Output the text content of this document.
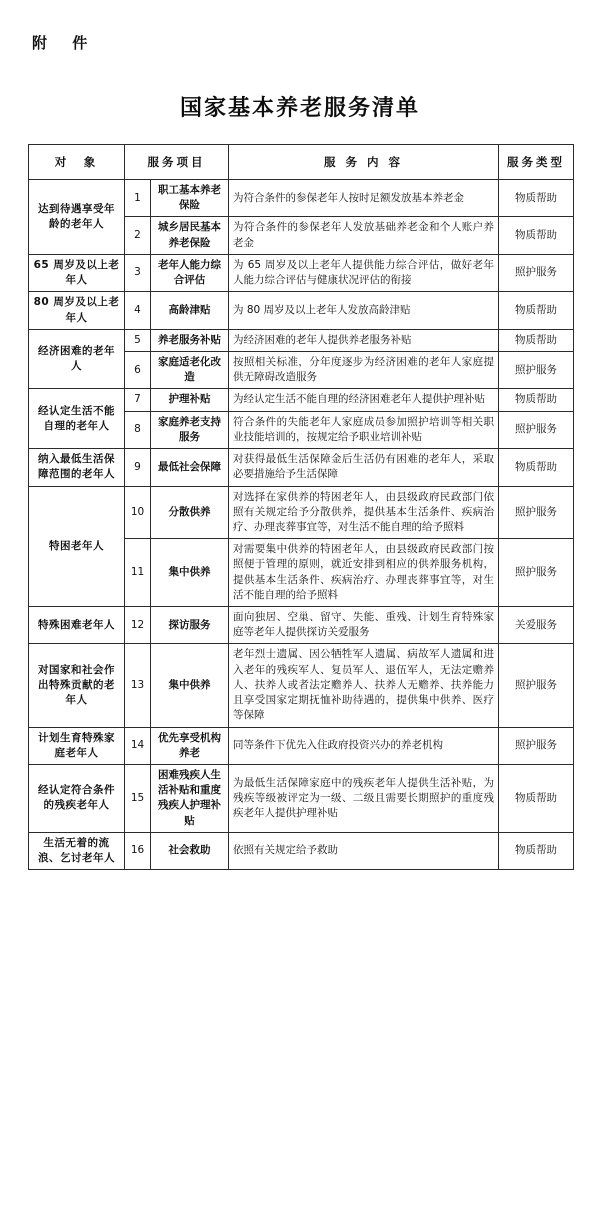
附 件
国家基本养老服务清单
对　象	服务项目		服 务 内 容	服务类型
达到待遇享受年龄的老年人	1	职工基本养老保险	为符合条件的参保老年人按时足额发放基本养老金	物质帮助
	2	城乡居民基本养老保险	为符合条件的参保老年人发放基础养老金和个人账户养老金	物质帮助
65 周岁及以上老年人	3	老年人能力综合评估	为 65 周岁及以上老年人提供能力综合评估，做好老年人能力综合评估与健康状况评估的衔接	照护服务
80 周岁及以上老年人	4	高龄津贴	为 80 周岁及以上老年人发放高龄津贴	物质帮助
经济困难的老年人	5	养老服务补贴	为经济困难的老年人提供养老服务补贴	物质帮助
	6	家庭适老化改造	按照相关标准，分年度逐步为经济困难的老年人家庭提供无障碍改造服务	照护服务
经认定生活不能自理的老年人	7	护理补贴	为经认定生活不能自理的经济困难老年人提供护理补贴	物质帮助
	8	家庭养老支持服务	符合条件的失能老年人家庭成员参加照护培训等相关职业技能培训的，按规定给予职业培训补贴	照护服务
纳入最低生活保障范围的老年人	9	最低社会保障	对获得最低生活保障金后生活仍有困难的老年人，采取必要措施给予生活保障	物质帮助
特困老年人	10	分散供养	对选择在家供养的特困老年人，由县级政府民政部门依照有关规定给予分散供养，提供基本生活条件、疾病治疗、办理丧葬事宜等，对生活不能自理的给予照料	照护服务
	11	集中供养	对需要集中供养的特困老年人，由县级政府民政部门按照便于管理的原则，就近安排到相应的供养服务机构，提供基本生活条件、疾病治疗、办理丧葬事宜等，对生活不能自理的给予照料	照护服务
特殊困难老年人	12	探访服务	面向独居、空巢、留守、失能、重残、计划生育特殊家庭等老年人提供探访关爱服务	关爱服务
对国家和社会作出特殊贡献的老年人	13	集中供养	老年烈士遗属、因公牺牲军人遗属、病故军人遗属和进入老年的残疾军人、复员军人、退伍军人，无法定赡养人、扶养人或者法定赡养人、扶养人无赡养、扶养能力且享受国家定期抚恤补助待遇的，提供集中供养、医疗等保障	照护服务
计划生育特殊家庭老年人	14	优先享受机构养老	同等条件下优先入住政府投资兴办的养老机构	照护服务
经认定符合条件的残疾老年人	15	困难残疾人生活补贴和重度残疾人护理补贴	为最低生活保障家庭中的残疾老年人提供生活补贴，为残疾等级被评定为一级、二级且需要长期照护的重度残疾老年人提供护理补贴	物质帮助
生活无着的流浪、乞讨老年人	16	社会救助	依照有关规定给予救助	物质帮助
